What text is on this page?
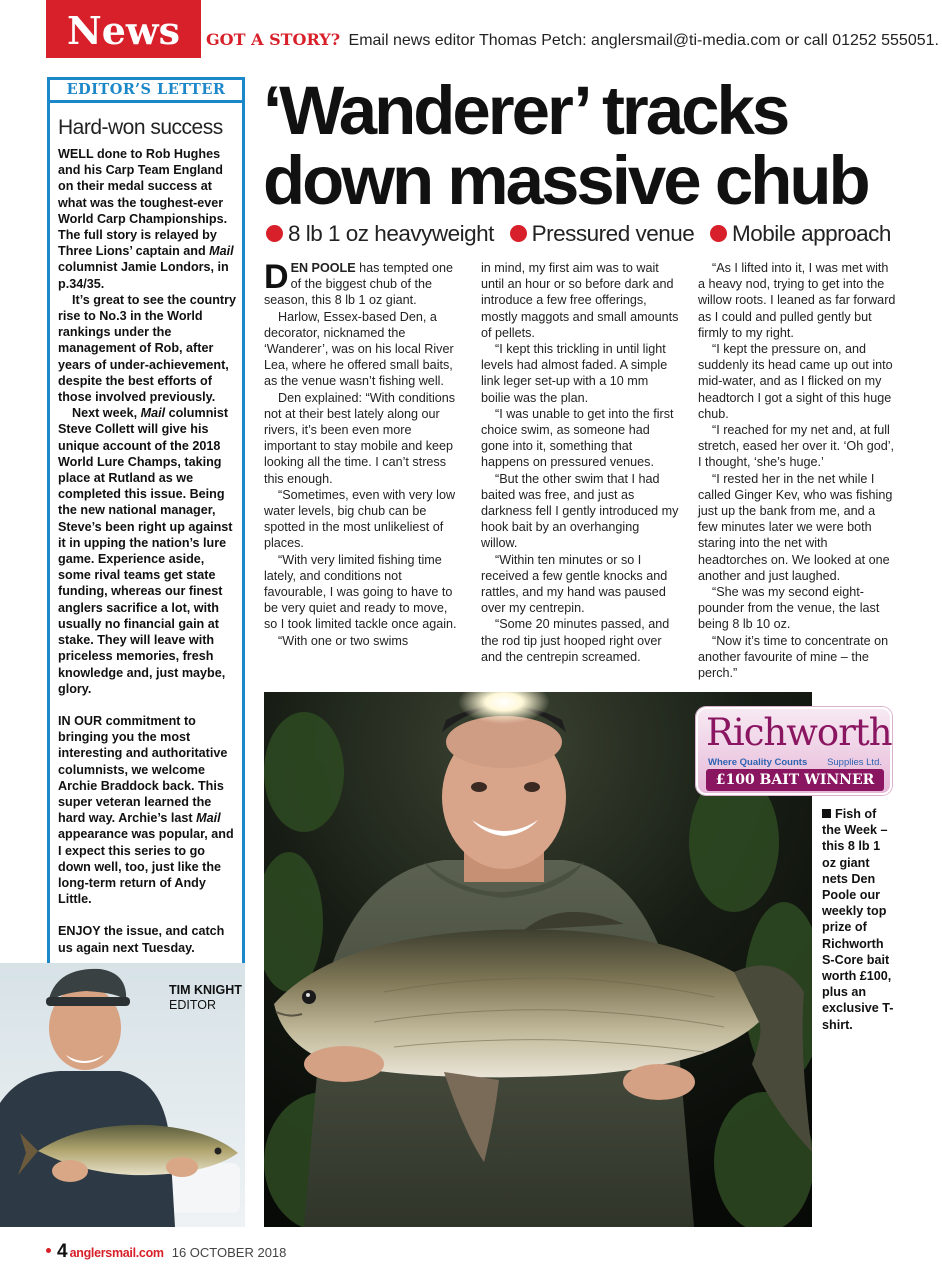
News	GOT A STORY? Email news editor Thomas Petch: anglersmail@ti-media.com or call 01252 555051.
EDITOR’S LETTER
Hard-won success

WELL done to Rob Hughes and his Carp Team England on their medal success at what was the toughest-ever World Carp Championships. The full story is relayed by Three Lions’ captain and Mail columnist Jamie Londors, in p.34/35.

It’s great to see the country rise to No.3 in the World rankings under the management of Rob, after years of under-achievement, despite the best efforts of those involved previously.

Next week, Mail columnist Steve Collett will give his unique account of the 2018 World Lure Champs, taking place at Rutland as we completed this issue. Being the new national manager, Steve’s been right up against it in upping the nation’s lure game. Experience aside, some rival teams get state funding, whereas our finest anglers sacrifice a lot, with usually no financial gain at stake. They will leave with priceless memories, fresh knowledge and, just maybe, glory.

IN OUR commitment to bringing you the most interesting and authoritative columnists, we welcome Archie Braddock back. This super veteran learned the hard way. Archie’s last Mail appearance was popular, and I expect this series to go down well, too, just like the long-term return of Andy Little.

ENJOY the issue, and catch us again next Tuesday.

TIM KNIGHT
EDITOR
‘Wanderer’ tracks
down massive chub
8 lb 1 oz heavyweight Pressured venue Mobile approach

DEN POOLE has tempted one of the biggest chub of the season, this 8 lb 1 oz giant.

Harlow, Essex-based Den, a decorator, nicknamed the ‘Wanderer’, was on his local River Lea, where he offered small baits, as the venue wasn’t fishing well.

Den explained: “With conditions not at their best lately along our rivers, it’s been even more important to stay mobile and keep looking all the time. I can’t stress this enough.

“Sometimes, even with very low water levels, big chub can be spotted in the most unlikeliest of places.

“With very limited fishing time lately, and conditions not favourable, I was going to have to be very quiet and ready to move, so I took limited tackle once again.

“With one or two swims

in mind, my first aim was to wait until an hour or so before dark and introduce a few free offerings, mostly maggots and small amounts of pellets.

“I kept this trickling in until light levels had almost faded. A simple link leger set-up with a 10 mm boilie was the plan.

“I was unable to get into the first choice swim, as someone had gone into it, something that happens on pressured venues.

“But the other swim that I had baited was free, and just as darkness fell I gently introduced my hook bait by an overhanging willow.

“Within ten minutes or so I received a few gentle knocks and rattles, and my hand was paused over my centrepin.

“Some 20 minutes passed, and the rod tip just hooped right over and the centrepin screamed.

“As I lifted into it, I was met with a heavy nod, trying to get into the willow roots. I leaned as far forward as I could and pulled gently but firmly to my right.

“I kept the pressure on, and suddenly its head came up out into mid-water, and as I flicked on my headtorch I got a sight of this huge chub.

“I reached for my net and, at full stretch, eased her over it. ‘Oh god’, I thought, ‘she’s huge.’

“I rested her in the net while I called Ginger Kev, who was fishing just up the bank from me, and a few minutes later we were both staring into the net with headtorches on. We looked at one another and just laughed.

“She was my second eight-pounder from the venue, the last being 8 lb 10 oz.

“Now it’s time to concentrate on another favourite of mine – the perch.”

Richworth
Where Quality Counts Supplies Ltd.
£100 BAIT WINNER
Fish of the Week – this 8 lb 1 oz giant nets Den Poole our weekly top prize of Richworth S-Core bait worth £100, plus an exclusive T-shirt.
4 anglersmail.com 16 OCTOBER 2018
